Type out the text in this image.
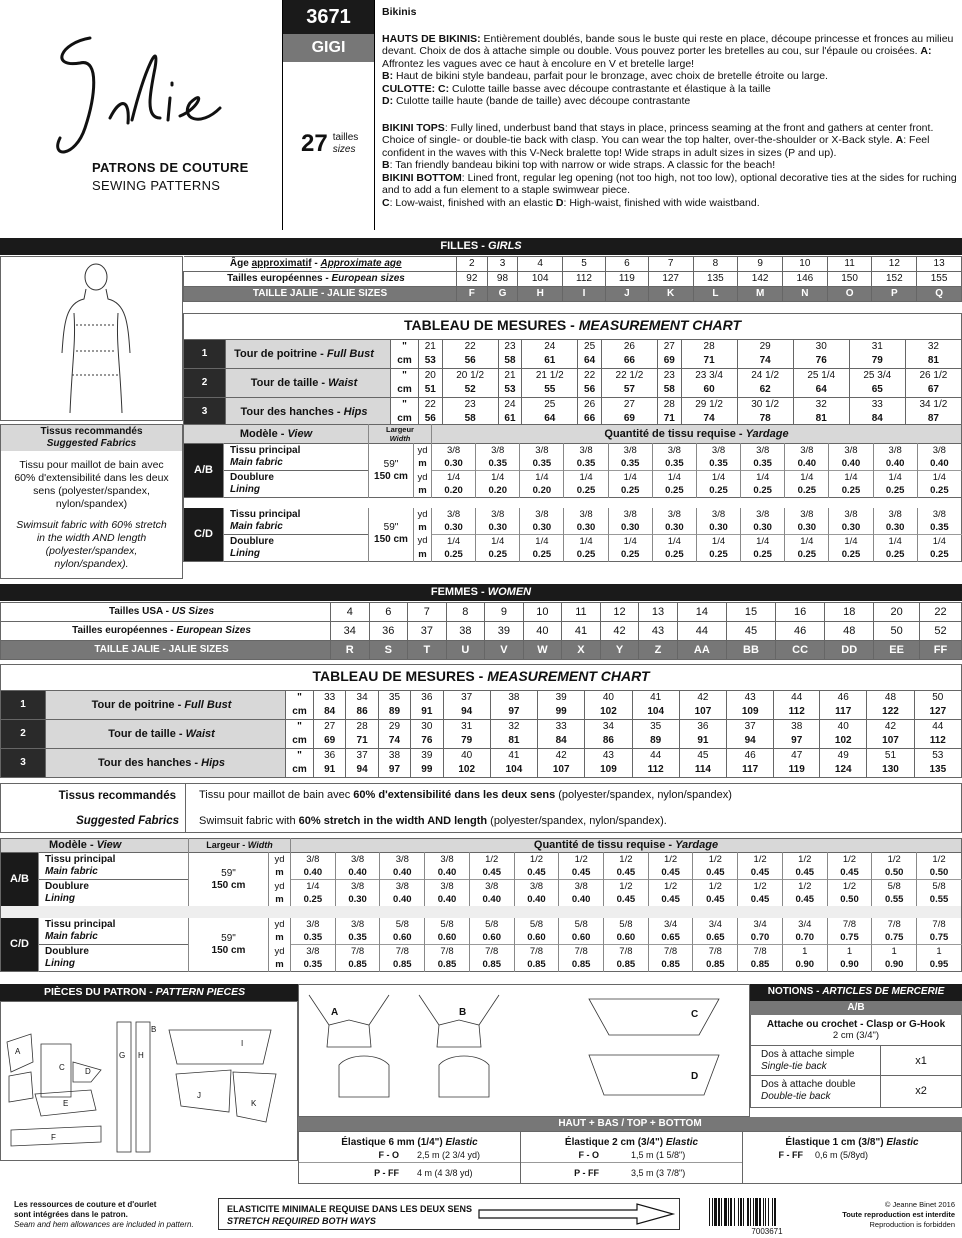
PATRONS DE COUTURE
SEWING PATTERNS
3671
GIGI
27 tailles
sizes
Bikinis
HAUTS DE BIKINIS: Entièrement doublés, bande sous le buste qui reste en place, découpe princesse et fronces au milieu devant. Choix de dos à attache simple ou double. Vous pouvez porter les bretelles au cou, sur l'épaule ou croisées. A: Affrontez les vagues avec ce haut à encolure en V et bretelle large!
B: Haut de bikini style bandeau, parfait pour le bronzage, avec choix de bretelle étroite ou large.
CULOTTE: C: Culotte taille basse avec découpe contrastante et élastique à la taille
D: Culotte taille haute (bande de taille) avec découpe contrastante
BIKINI TOPS: Fully lined, underbust band that stays in place, princess seaming at the front and gathers at center front. Choice of single- or double-tie back with clasp. You can wear the top halter, over-the-shoulder or X-Back style. A: Feel confident in the waves with this V-Neck bralette top! Wide straps in adult sizes in sizes (P and up).
B: Tan friendly bandeau bikini top with narrow or wide straps. A classic for the beach!
BIKINI BOTTOM: Lined front, regular leg opening (not too high, not too low), optional decorative ties at the sides for ruching and to add a fun element to a staple swimwear piece.
C: Low-waist, finished with an elastic D: High-waist, finished with wide waistband.
FILLES - GIRLS
Âge approximatif - Approximate age	2	3	4	5	6	7	8	9	10	11	12	13
Tailles européennes - European sizes	92	98	104	112	119	127	135	142	146	150	152	155
TAILLE JALIE - JALIE SIZES	F	G	H	I	J	K	L	M	N	O	P	Q
TABLEAU DE MESURES - MEASUREMENT CHART
1	Tour de poitrine - Full Bust	"	21	22	23	24	25	26	27	28	29	30	31	32
		cm	53	56	58	61	64	66	69	71	74	76	79	81
2	Tour de taille - Waist	"	20	20 1/2	21	21 1/2	22	22 1/2	23	23 3/4	24 1/2	25 1/4	25 3/4	26 1/2
		cm	51	52	53	55	56	57	58	60	62	64	65	67
3	Tour des hanches - Hips	"	22	23	24	25	26	27	28	29 1/2	30 1/2	32	33	34 1/2
		cm	56	58	61	64	66	69	71	74	78	81	84	87
Tissus recommandés
Suggested Fabrics
Tissu pour maillot de bain avec 60% d'extensibilité dans les deux sens (polyester/spandex, nylon/spandex)
Swimsuit fabric with 60% stretch in the width AND length (polyester/spandex, nylon/spandex).
Modèle - View		Largeur
Width		Quantité de tissu requise - Yardage											
A/B	Tissu principal
Main fabric	59"
150 cm	yd	3/8	3/8	3/8	3/8	3/8	3/8	3/8	3/8	3/8	3/8	3/8	3/8
			m	0.30	0.35	0.35	0.35	0.35	0.35	0.35	0.35	0.40	0.40	0.40	0.40
	Doublure
Lining		yd	1/4	1/4	1/4	1/4	1/4	1/4	1/4	1/4	1/4	1/4	1/4	1/4
			m	0.20	0.20	0.20	0.25	0.25	0.25	0.25	0.25	0.25	0.25	0.25	0.25

C/D	Tissu principal
Main fabric	59"
150 cm	yd	3/8	3/8	3/8	3/8	3/8	3/8	3/8	3/8	3/8	3/8	3/8	3/8
			m	0.30	0.30	0.30	0.30	0.30	0.30	0.30	0.30	0.30	0.30	0.30	0.35
	Doublure
Lining		yd	1/4	1/4	1/4	1/4	1/4	1/4	1/4	1/4	1/4	1/4	1/4	1/4
			m	0.25	0.25	0.25	0.25	0.25	0.25	0.25	0.25	0.25	0.25	0.25	0.25
FEMMES - WOMEN
Tailles USA - US Sizes	4	6	7	8	9	10	11	12	13	14	15	16	18	20	22
Tailles européennes - European Sizes	34	36	37	38	39	40	41	42	43	44	45	46	48	50	52
TAILLE JALIE - JALIE SIZES	R	S	T	U	V	W	X	Y	Z	AA	BB	CC	DD	EE	FF
TABLEAU DE MESURES - MEASUREMENT CHART
1	Tour de poitrine - Full Bust	"	33	34	35	36	37	38	39	40	41	42	43	44	46	48	50
		cm	84	86	89	91	94	97	99	102	104	107	109	112	117	122	127
2	Tour de taille - Waist	"	27	28	29	30	31	32	33	34	35	36	37	38	40	42	44
		cm	69	71	74	76	79	81	84	86	89	91	94	97	102	107	112
3	Tour des hanches - Hips	"	36	37	38	39	40	41	42	43	44	45	46	47	49	51	53
		cm	91	94	97	99	102	104	107	109	112	114	117	119	124	130	135
Tissus recommandés
Suggested Fabrics
Tissu pour maillot de bain avec 60% d'extensibilité dans les deux sens (polyester/spandex, nylon/spandex)
Swimsuit fabric with 60% stretch in the width AND length (polyester/spandex, nylon/spandex).
Modèle - View		Largeur - Width		Quantité de tissu requise - Yardage														
A/B	Tissu principal
Main fabric	59"
150 cm	yd	3/8	3/8	3/8	3/8	1/2	1/2	1/2	1/2	1/2	1/2	1/2	1/2	1/2	1/2	1/2
			m	0.40	0.40	0.40	0.40	0.45	0.45	0.45	0.45	0.45	0.45	0.45	0.45	0.45	0.50	0.50
	Doublure
Lining		yd	1/4	3/8	3/8	3/8	3/8	3/8	3/8	1/2	1/2	1/2	1/2	1/2	1/2	5/8	5/8
			m	0.25	0.30	0.40	0.40	0.40	0.40	0.40	0.45	0.45	0.45	0.45	0.45	0.50	0.55	0.55

C/D	Tissu principal
Main fabric	59"
150 cm	yd	3/8	3/8	5/8	5/8	5/8	5/8	5/8	5/8	3/4	3/4	3/4	3/4	7/8	7/8	7/8
			m	0.35	0.35	0.60	0.60	0.60	0.60	0.60	0.60	0.65	0.65	0.70	0.70	0.75	0.75	0.75
	Doublure
Lining		yd	3/8	7/8	7/8	7/8	7/8	7/8	7/8	7/8	7/8	7/8	7/8	1	1	1	1
			m	0.35	0.85	0.85	0.85	0.85	0.85	0.85	0.85	0.85	0.85	0.85	0.90	0.90	0.90	0.95
PIÈCES DU PATRON - PATTERN PIECES
A
B
C	D
E
F
G H
I
J
K
A	B	C
D
NOTIONS - ARTICLES DE MERCERIE
A/B
Attache ou crochet - Clasp or G-Hook
2 cm (3/4")
Dos à attache simple
Single-tie back	x1
Dos à attache double
Double-tie back	x2
HAUT + BAS / TOP + BOTTOM
Élastique 6 mm (1/4") Elastic
F - O	2,5 m (2 3/4 yd)
P - FF	4 m (4 3/8 yd)
Élastique 2 cm (3/4") Elastic
F - O	1,5 m (1 5/8")
P - FF	3,5 m (3 7/8")
Élastique 1 cm (3/8") Elastic
F - FF	0,6 m (5/8yd)
Les ressources de couture et d'ourlet
sont intégrées dans le patron.
Seam and hem allowances are included in pattern.
ELASTICITE MINIMALE REQUISE DANS LES DEUX SENS
STRETCH REQUIRED BOTH WAYS
7003671
© Jeanne Binet 2016
Toute reproduction est interdite
Reproduction is forbidden
